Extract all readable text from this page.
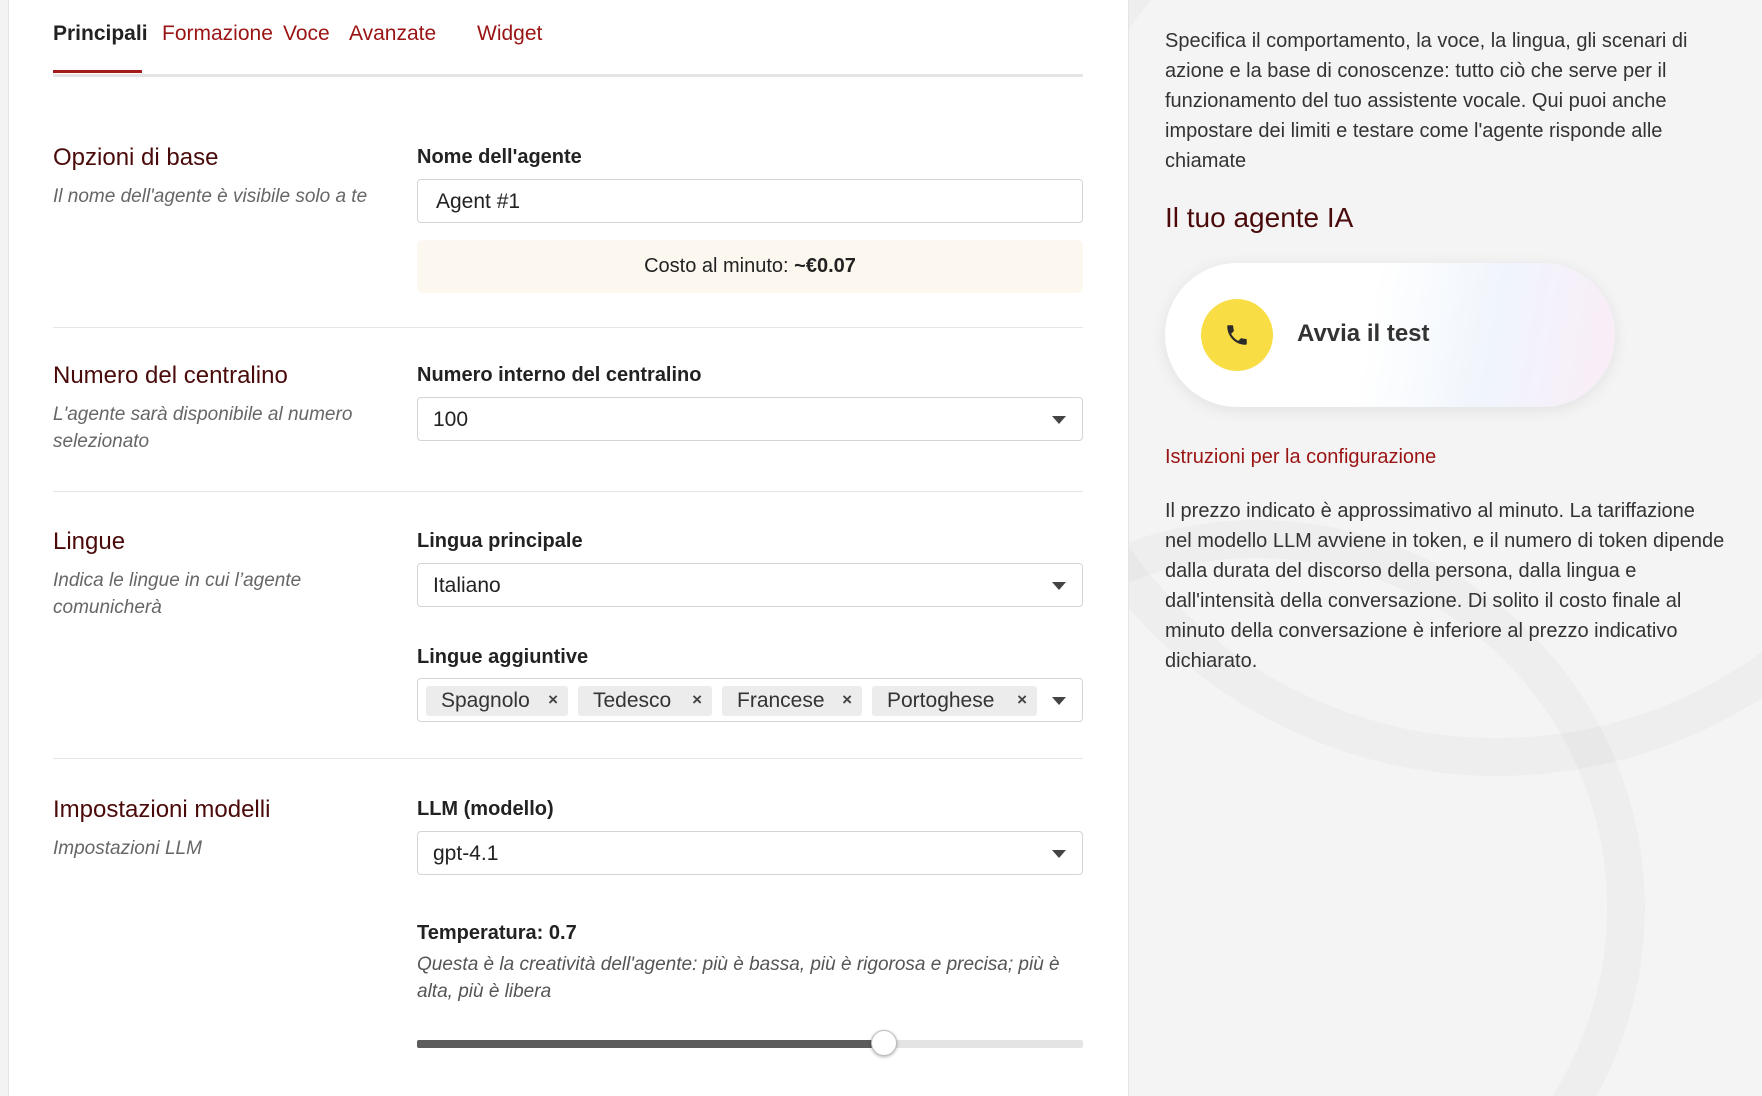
Principali Formazione Voce Avanzate Widget
Opzioni di base
Il nome dell'agente è visibile solo a te
Nome dell'agente
Agent #1
Costo al minuto: ~€0.07
Numero del centralino
L'agente sarà disponibile al numero selezionato
Numero interno del centralino
100
Lingue
Indica le lingue in cui l’agente comunicherà
Lingua principale
Italiano
Lingue aggiuntive
Spagnolo × Tedesco × Francese × Portoghese ×
Impostazioni modelli
Impostazioni LLM
LLM (modello)
gpt-4.1
Temperatura: 0.7
Questa è la creatività dell'agente: più è bassa, più è rigorosa e precisa; più è alta, più è libera
Specifica il comportamento, la voce, la lingua, gli scenari di azione e la base di conoscenze: tutto ciò che serve per il funzionamento del tuo assistente vocale. Qui puoi anche impostare dei limiti e testare come l'agente risponde alle chiamate
Il tuo agente IA
Avvia il test
Istruzioni per la configurazione
Il prezzo indicato è approssimativo al minuto. La tariffazione nel modello LLM avviene in token, e il numero di token dipende dalla durata del discorso della persona, dalla lingua e dall'intensità della conversazione. Di solito il costo finale al minuto della conversazione è inferiore al prezzo indicativo dichiarato.
